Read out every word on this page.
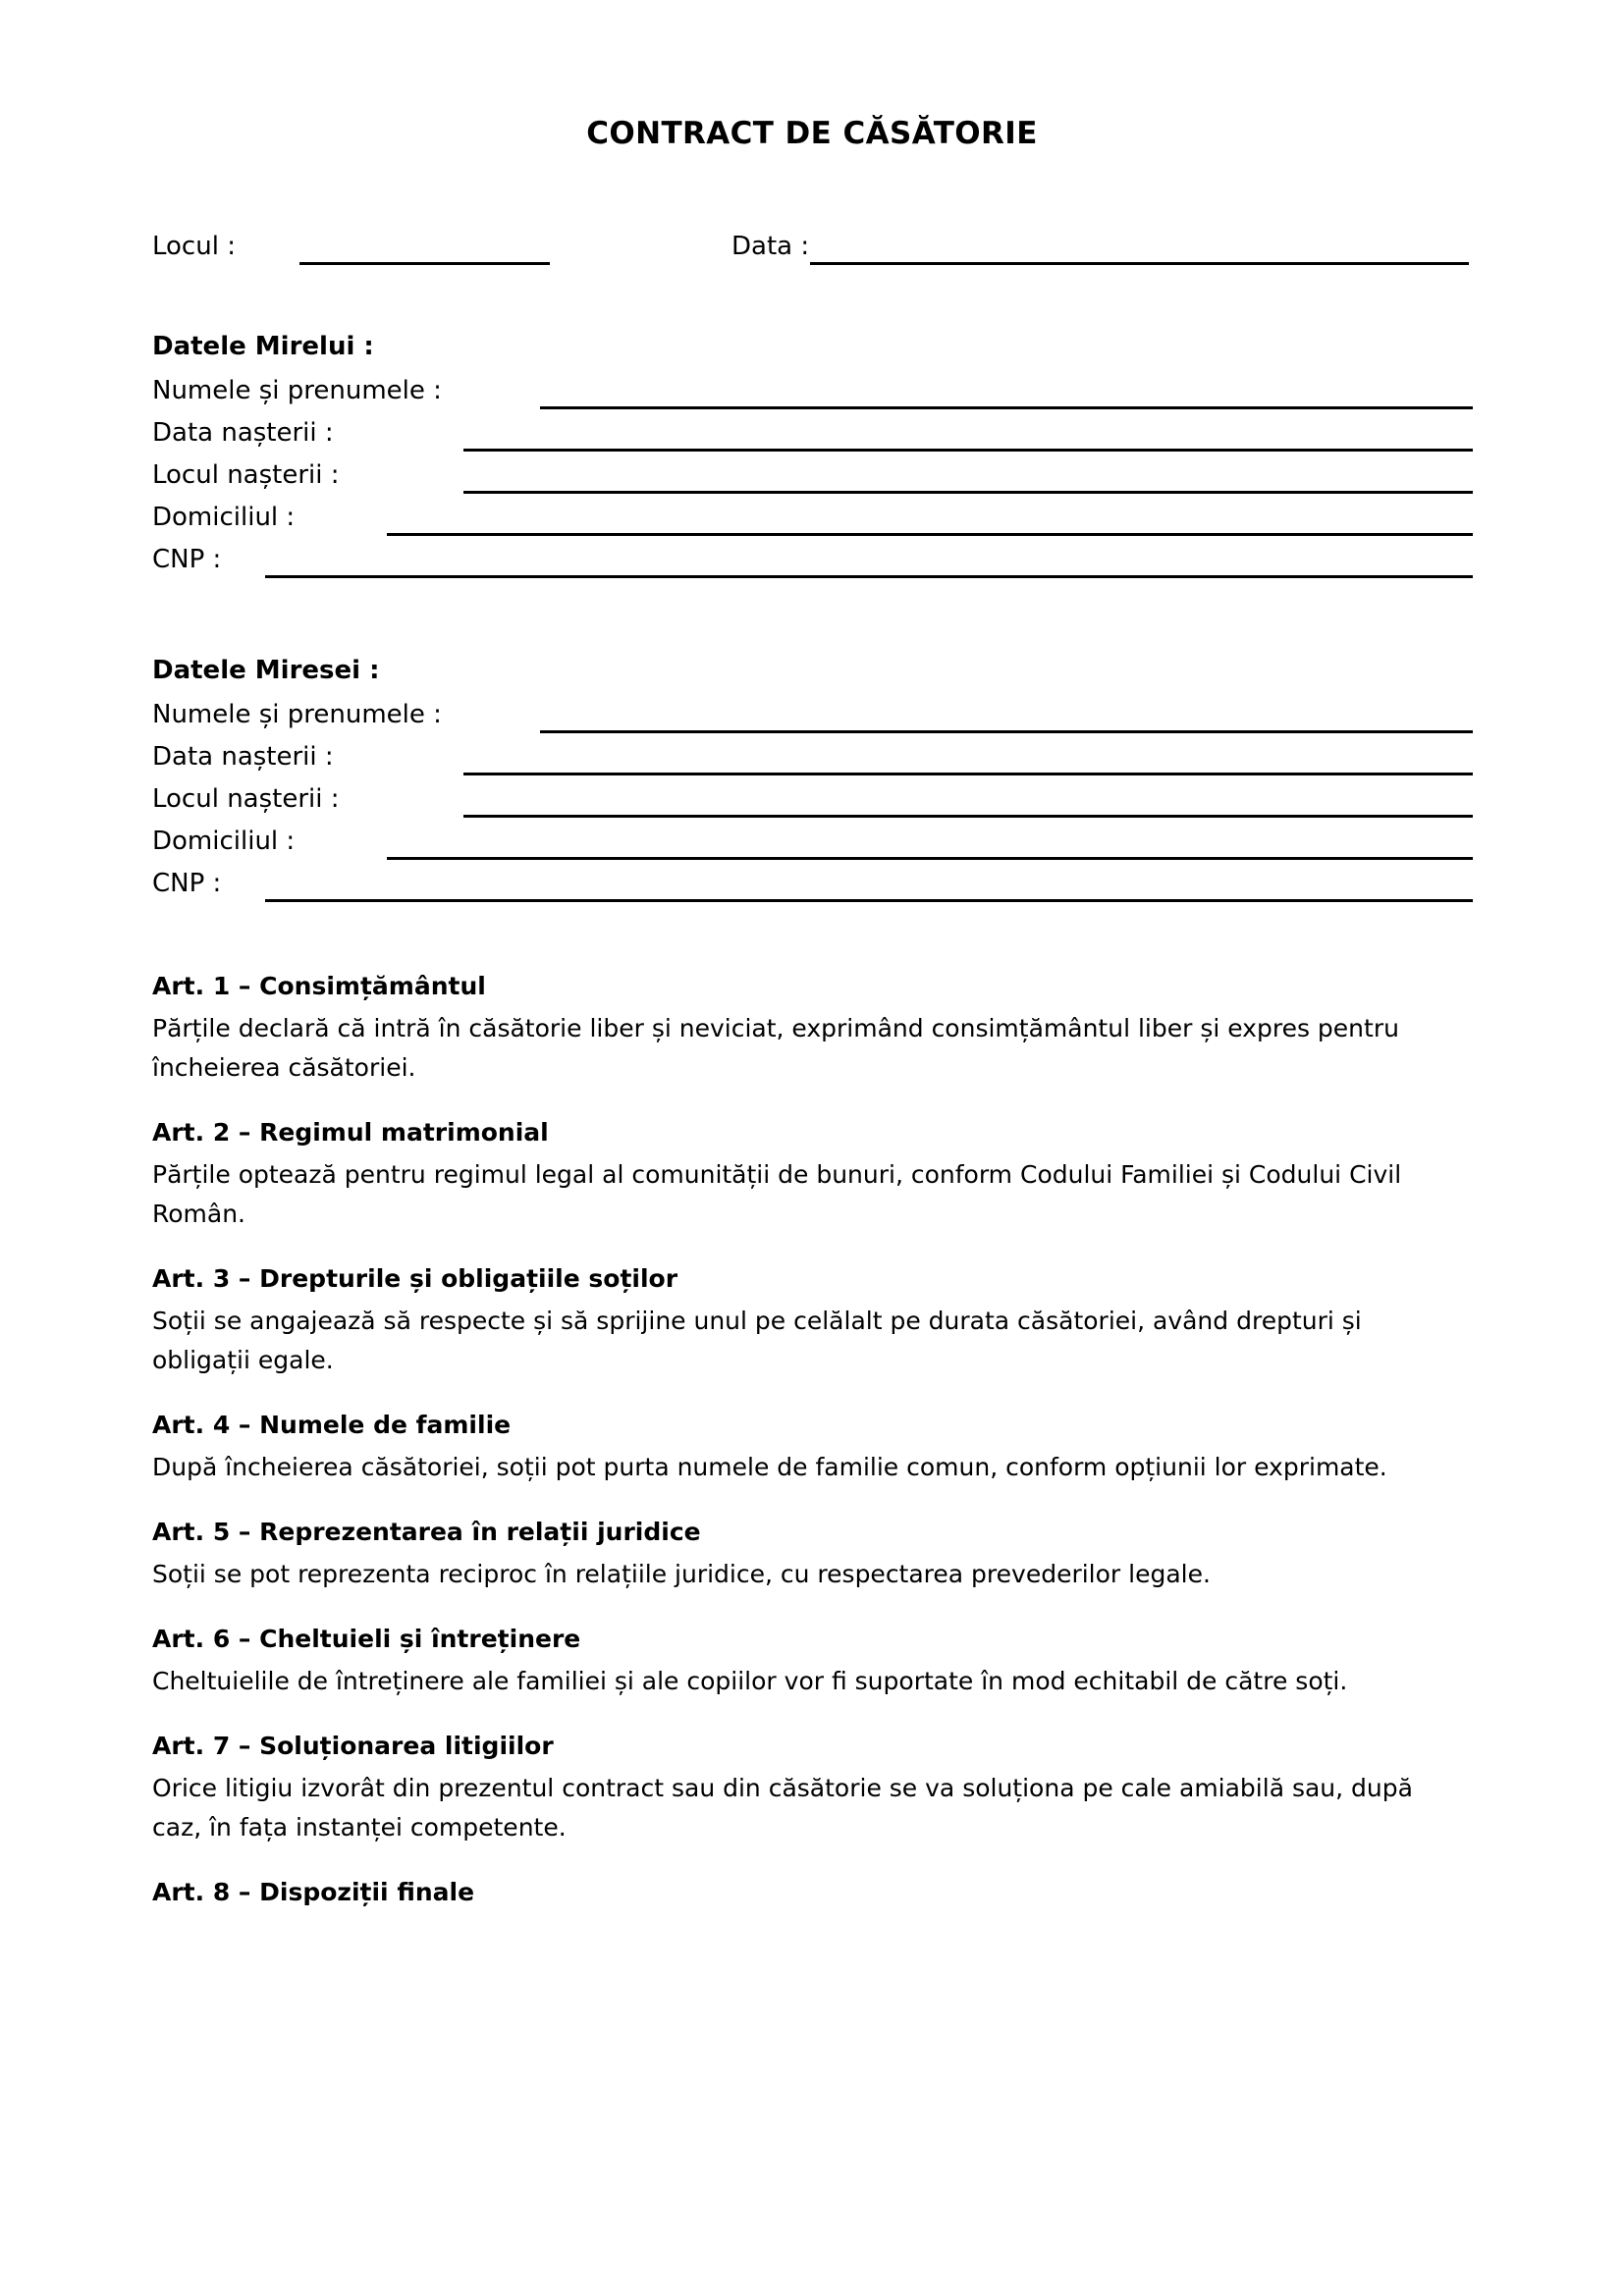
CONTRACT DE CĂSĂTORIE
Locul :	Data :
Datele Mirelui :
Numele și prenumele :
Data nașterii :
Locul nașterii :
Domiciliul :
CNP :
Datele Miresei :
Numele și prenumele :
Data nașterii :
Locul nașterii :
Domiciliul :
CNP :
Art. 1 – Consimțământul
Părțile declară că intră în căsătorie liber și neviciat, exprimând consimțământul liber și expres pentru încheierea căsătoriei.
Art. 2 – Regimul matrimonial
Părțile optează pentru regimul legal al comunității de bunuri, conform Codului Familiei și Codului Civil Român.
Art. 3 – Drepturile și obligațiile soților
Soții se angajează să respecte și să sprijine unul pe celălalt pe durata căsătoriei, având drepturi și obligații egale.
Art. 4 – Numele de familie
După încheierea căsătoriei, soții pot purta numele de familie comun, conform opțiunii lor exprimate.
Art. 5 – Reprezentarea în relații juridice
Soții se pot reprezenta reciproc în relațiile juridice, cu respectarea prevederilor legale.
Art. 6 – Cheltuieli și întreținere
Cheltuielile de întreținere ale familiei și ale copiilor vor fi suportate în mod echitabil de către soți.
Art. 7 – Soluționarea litigiilor
Orice litigiu izvorât din prezentul contract sau din căsătorie se va soluționa pe cale amiabilă sau, după caz, în fața instanței competente.
Art. 8 – Dispoziții finale
